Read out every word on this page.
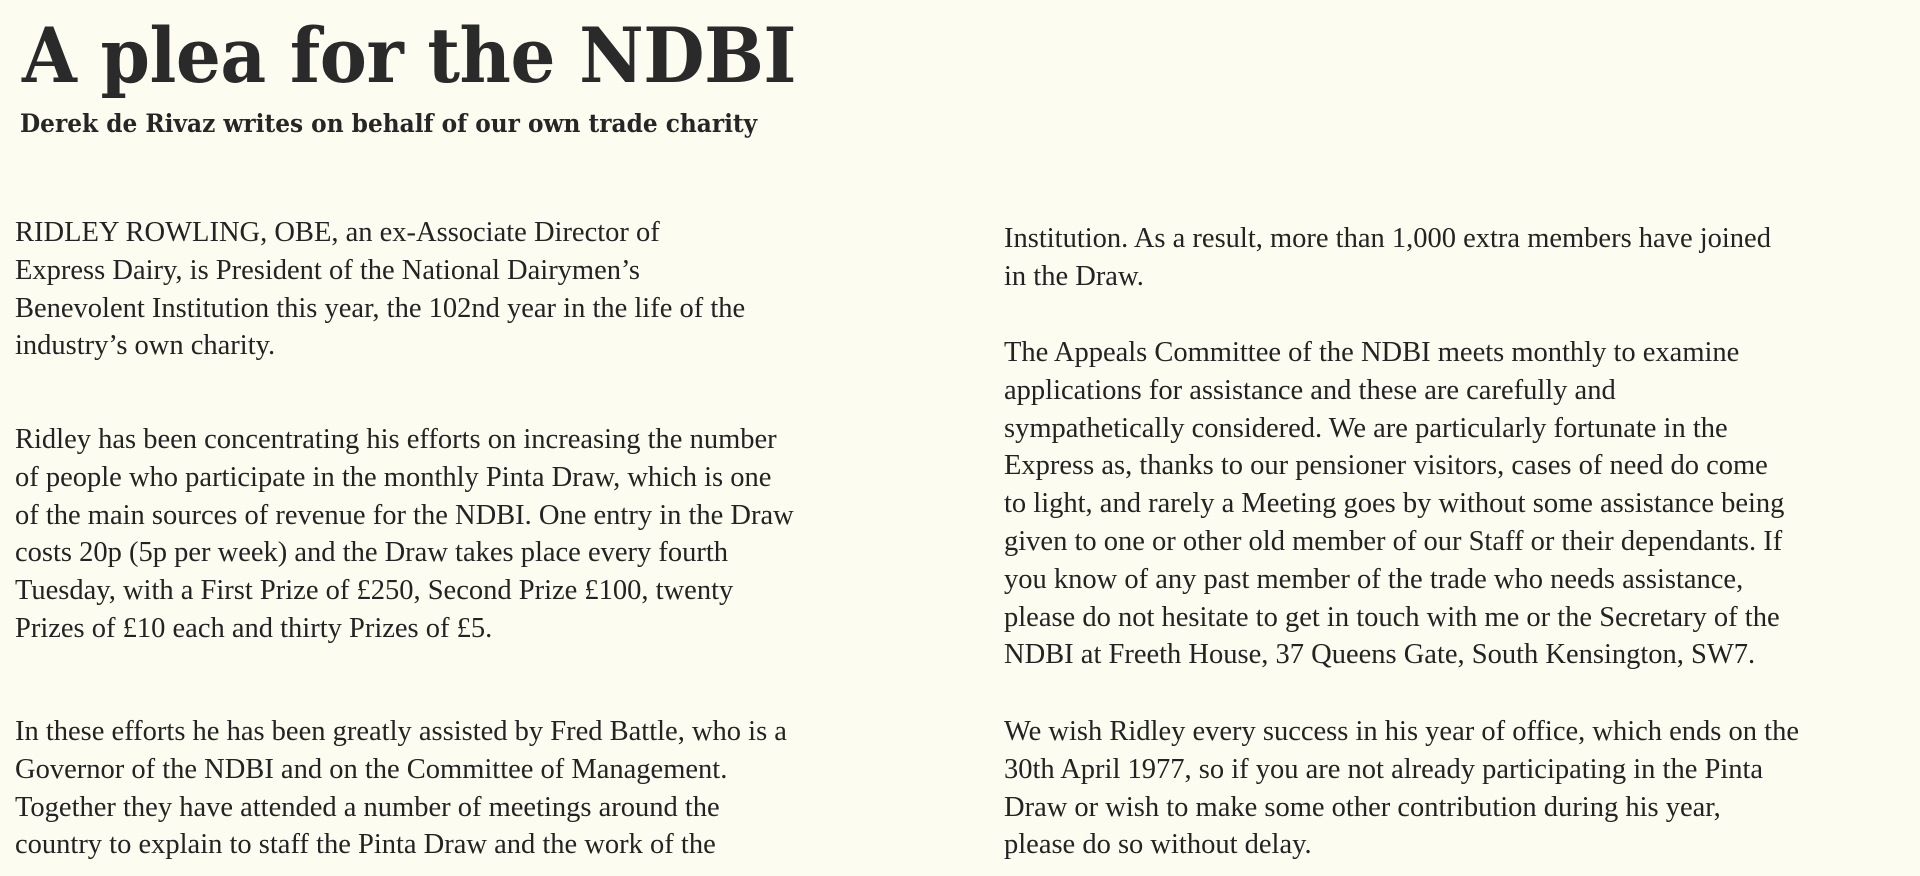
A plea for the NDBI
Derek de Rivaz writes on behalf of our own trade charity

RIDLEY ROWLING, OBE, an ex-Associate Director of
Express Dairy, is President of the National Dairymen’s
Benevolent Institution this year, the 102nd year in the life of the
industry’s own charity.

Ridley has been concentrating his efforts on increasing the number
of people who participate in the monthly Pinta Draw, which is one
of the main sources of revenue for the NDBI. One entry in the Draw
costs 20p (5p per week) and the Draw takes place every fourth
Tuesday, with a First Prize of £250, Second Prize £100, twenty
Prizes of £10 each and thirty Prizes of £5.

In these efforts he has been greatly assisted by Fred Battle, who is a
Governor of the NDBI and on the Committee of Management.
Together they have attended a number of meetings around the
country to explain to staff the Pinta Draw and the work of the

Institution. As a result, more than 1,000 extra members have joined
in the Draw.

The Appeals Committee of the NDBI meets monthly to examine
applications for assistance and these are carefully and
sympathetically considered. We are particularly fortunate in the
Express as, thanks to our pensioner visitors, cases of need do come
to light, and rarely a Meeting goes by without some assistance being
given to one or other old member of our Staff or their dependants. If
you know of any past member of the trade who needs assistance,
please do not hesitate to get in touch with me or the Secretary of the
NDBI at Freeth House, 37 Queens Gate, South Kensington, SW7.

We wish Ridley every success in his year of office, which ends on the
30th April 1977, so if you are not already participating in the Pinta
Draw or wish to make some other contribution during his year,
please do so without delay.
